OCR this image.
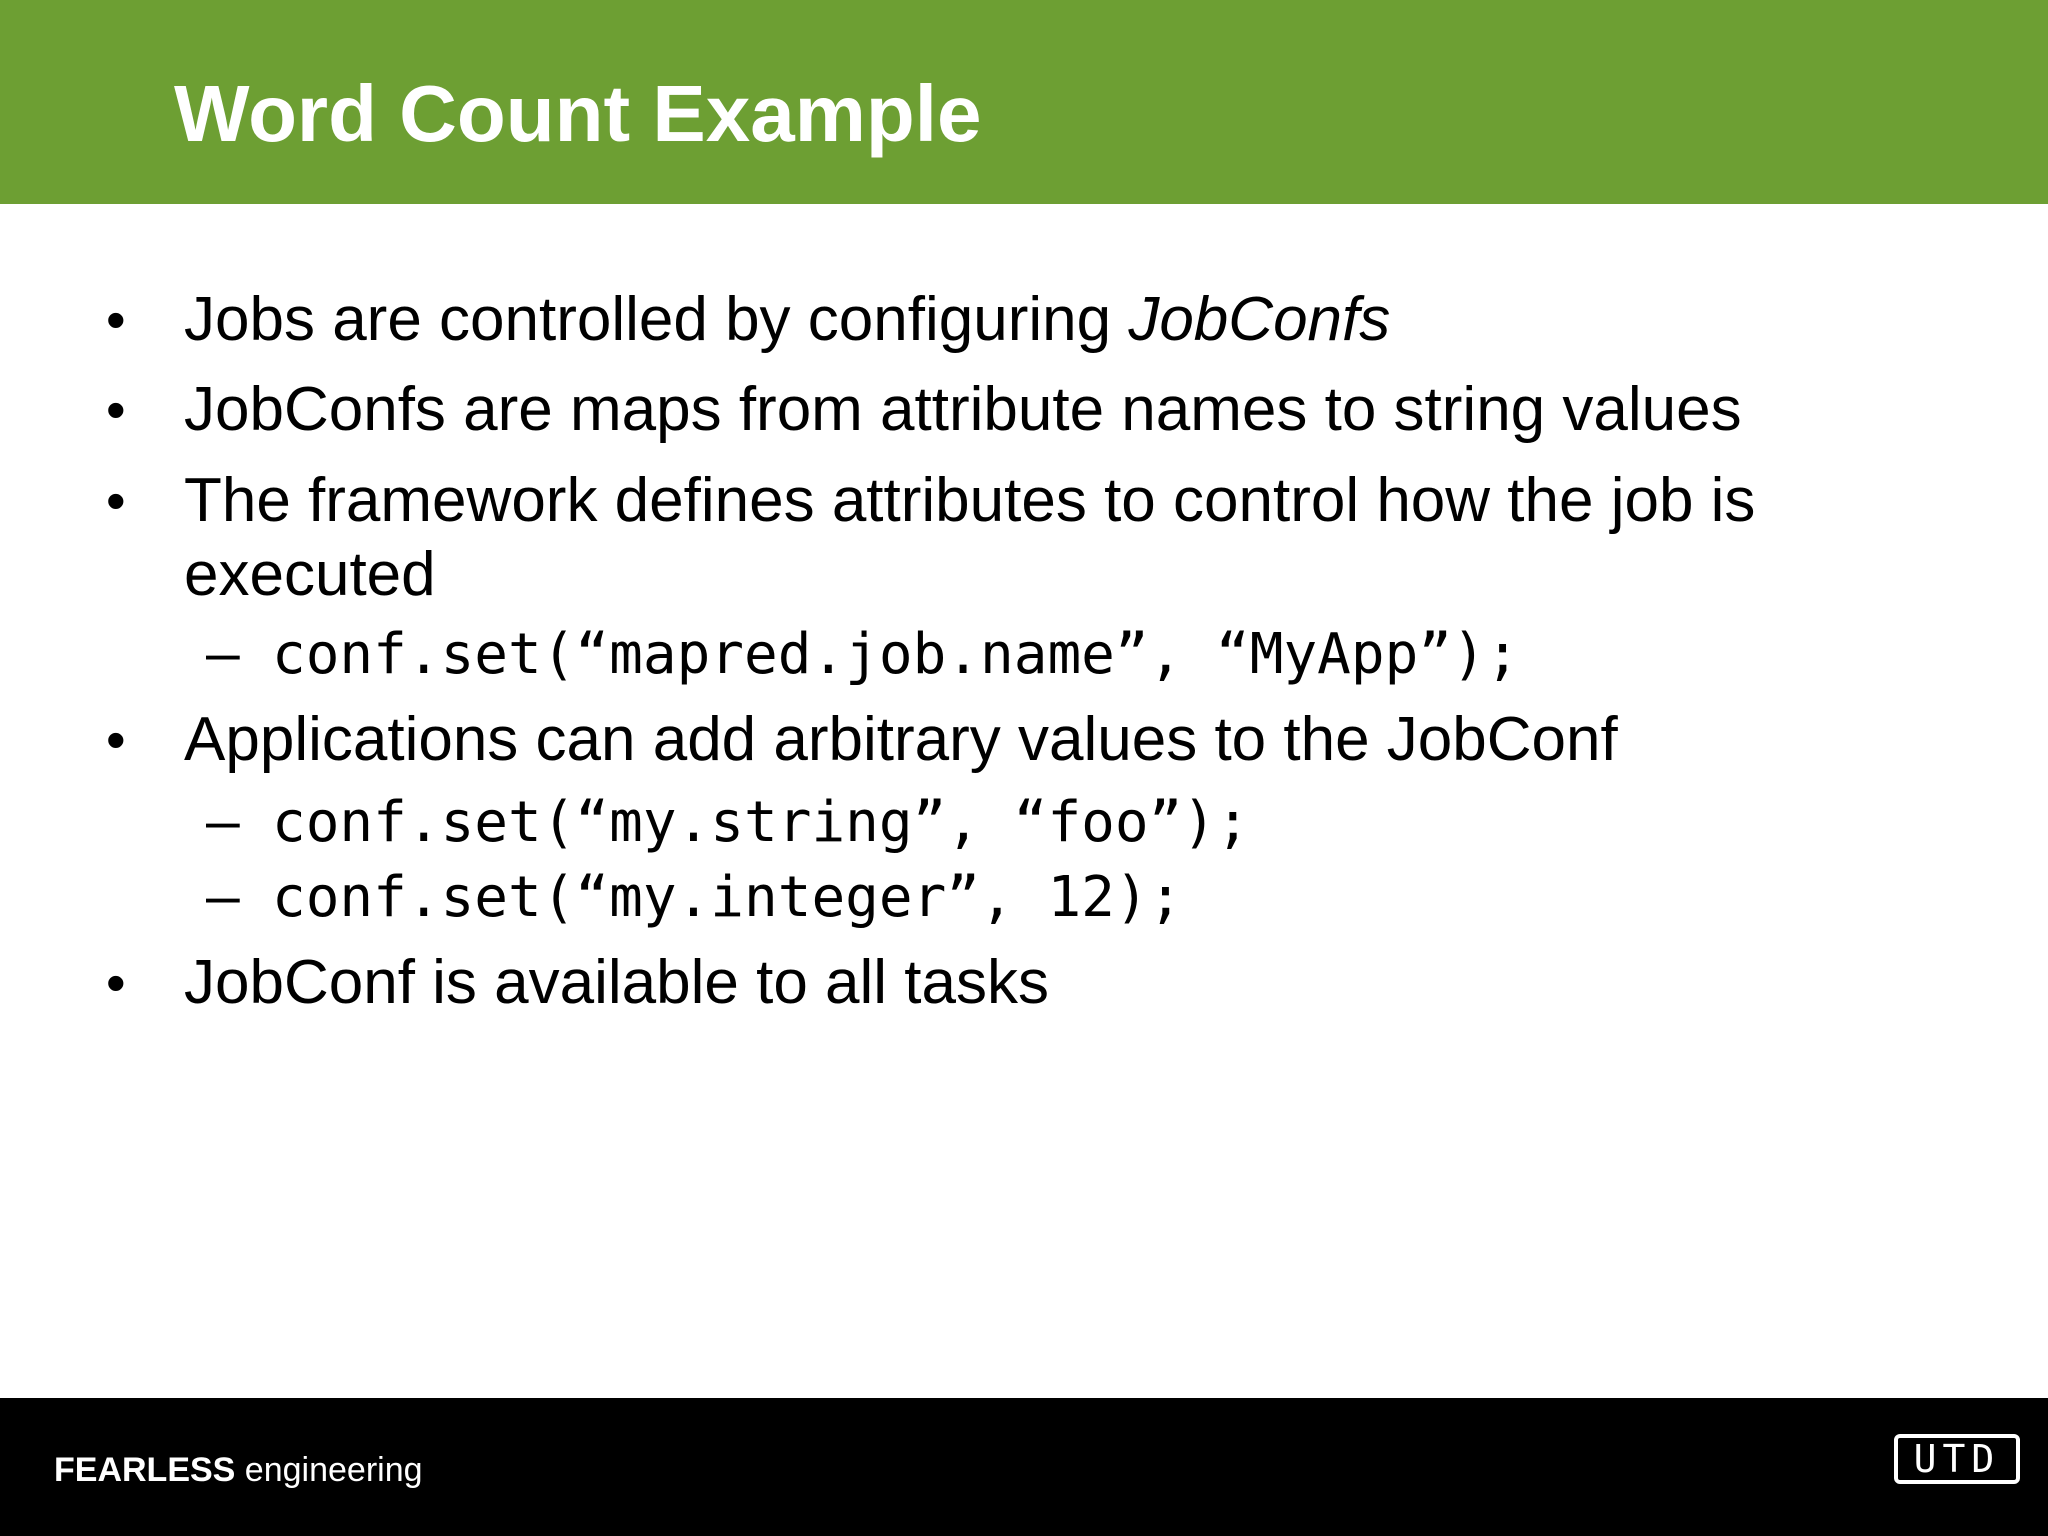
Word Count Example
• Jobs are controlled by configuring JobConfs
• JobConfs are maps from attribute names to string values
• The framework defines attributes to control how the job is
executed
– conf.set(“mapred.job.name”, “MyApp”);
• Applications can add arbitrary values to the JobConf
– conf.set(“my.string”, “foo”);
– conf.set(“my.integer”, 12);
• JobConf is available to all tasks
FEARLESS engineering	UTD
